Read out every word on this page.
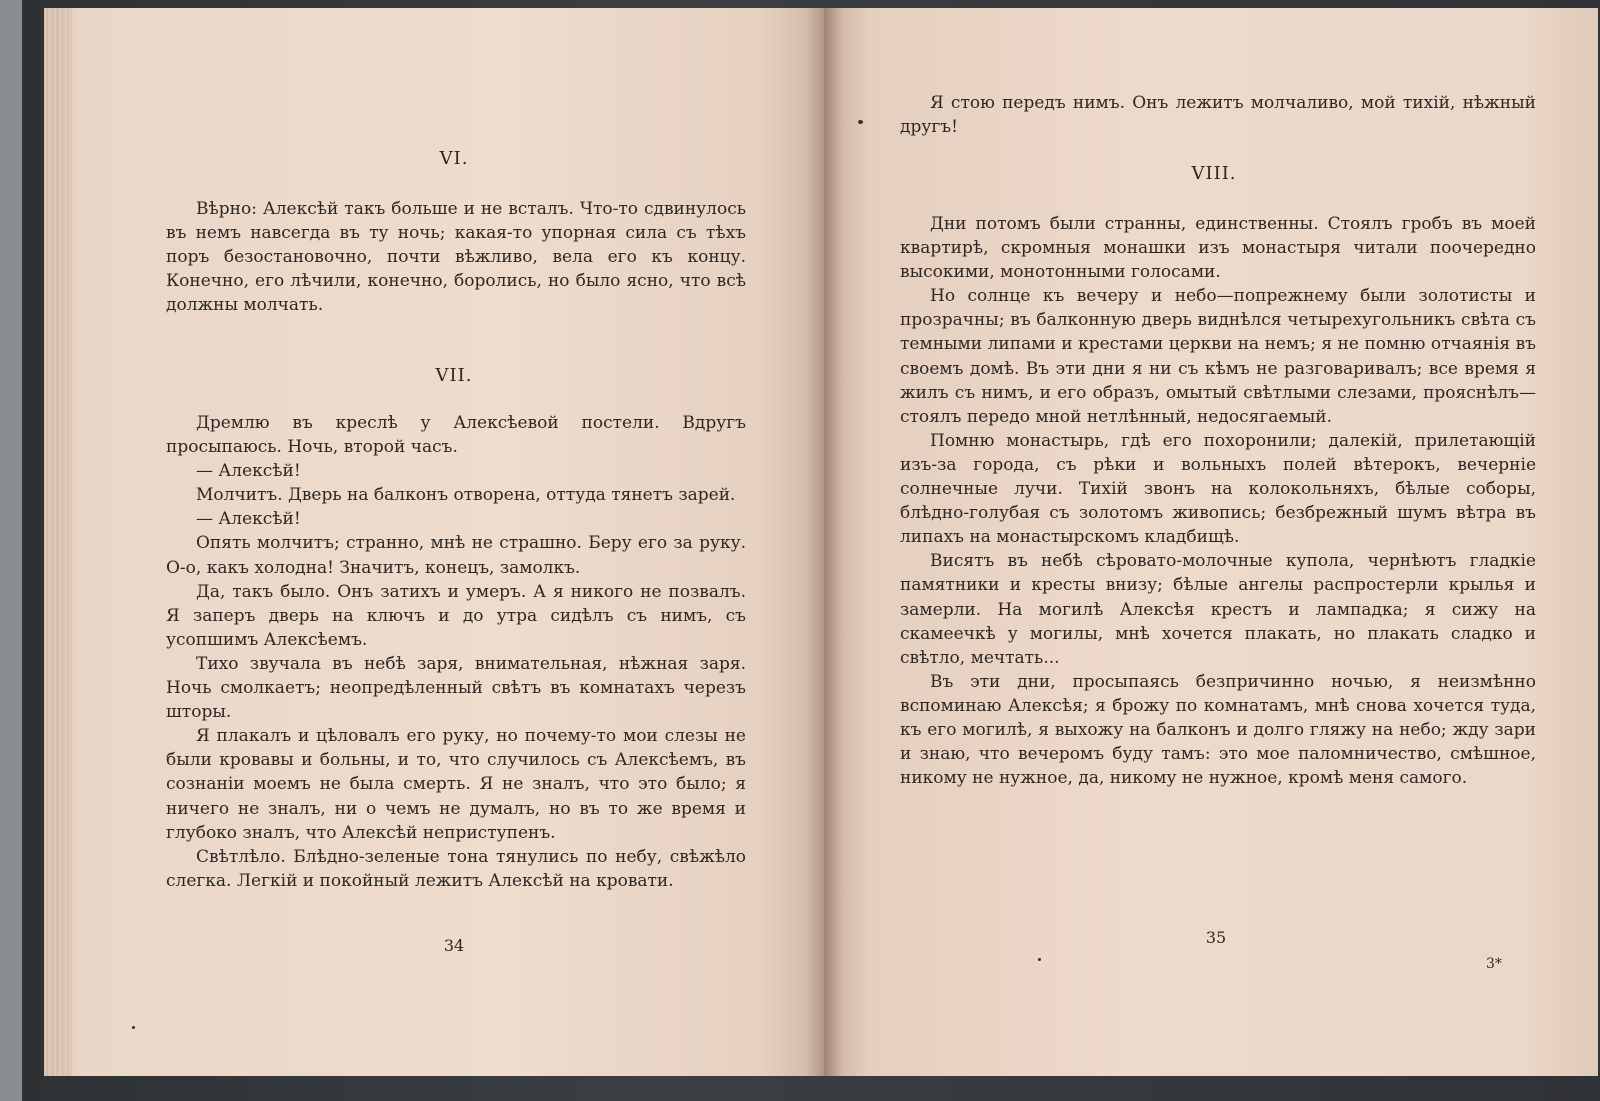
VI.

Вѣрно: Алексѣй такъ больше и не всталъ. Что-то сдвинулось въ немъ навсегда въ ту ночь; какая-то упорная сила съ тѣхъ поръ безостановочно, почти вѣжливо, вела его къ концу. Конечно, его лѣчили, конечно, боролись, но было ясно, что всѣ должны молчать.

VII.

Дремлю въ креслѣ у Алексѣевой постели. Вдругъ просыпаюсь. Ночь, второй часъ.

— Алексѣй!

Молчитъ. Дверь на балконъ отворена, оттуда тянетъ зарей.

— Алексѣй!

Опять молчитъ; странно, мнѣ не страшно. Беру его за руку. О-о, какъ холодна! Значитъ, конецъ, замолкъ.

Да, такъ было. Онъ затихъ и умеръ. А я никого не позвалъ. Я заперъ дверь на ключъ и до утра сидѣлъ съ нимъ, съ усопшимъ Алексѣемъ.

Тихо звучала въ небѣ заря, внимательная, нѣжная заря. Ночь смолкаетъ; неопредѣленный свѣтъ въ комнатахъ черезъ шторы.

Я плакалъ и цѣловалъ его руку, но почему-то мои слезы не были кровавы и больны, и то, что случилось съ Алексѣемъ, въ сознаніи моемъ не была смерть. Я не зналъ, что это было; я ничего не зналъ, ни о чемъ не думалъ, но въ то же время и глубоко зналъ, что Алексѣй неприступенъ.

Свѣтлѣло. Блѣдно-зеленые тона тянулись по небу, свѣжѣло слегка. Легкій и покойный лежитъ Алексѣй на кровати.

34

Я стою передъ нимъ. Онъ лежитъ молчаливо, мой тихій, нѣжный другъ!

VIII.

Дни потомъ были странны, единственны. Стоялъ гробъ въ моей квартирѣ, скромныя монашки изъ монастыря читали поочередно высокими, монотонными голосами.

Но солнце къ вечеру и небо—попрежнему были золотисты и прозрачны; въ балконную дверь виднѣлся четырехугольникъ свѣта съ темными липами и крестами церкви на немъ; я не помню отчаянія въ своемъ домѣ. Въ эти дни я ни съ кѣмъ не разговаривалъ; все время я жилъ съ нимъ, и его образъ, омытый свѣтлыми слезами, прояснѣлъ—стоялъ передо мной нетлѣнный, недосягаемый.

Помню монастырь, гдѣ его похоронили; далекій, прилетающій изъ-за города, съ рѣки и вольныхъ полей вѣтерокъ, вечерніе солнечные лучи. Тихій звонъ на колокольняхъ, бѣлые соборы, блѣдно-голубая съ золотомъ живопись; безбрежный шумъ вѣтра въ липахъ на монастырскомъ кладбищѣ.

Висятъ въ небѣ сѣровато-молочные купола, чернѣютъ гладкіе памятники и кресты внизу; бѣлые ангелы распростерли крылья и замерли. На могилѣ Алексѣя крестъ и лампадка; я сижу на скамеечкѣ у могилы, мнѣ хочется плакать, но плакать сладко и свѣтло, мечтать...

Въ эти дни, просыпаясь безпричинно ночью, я неизмѣнно вспоминаю Алексѣя; я брожу по комнатамъ, мнѣ снова хочется туда, къ его могилѣ, я выхожу на балконъ и долго гляжу на небо; жду зари и знаю, что вечеромъ буду тамъ: это мое паломничество, смѣшное, никому не нужное, да, никому не нужное, кромѣ меня самого.

35
3*
